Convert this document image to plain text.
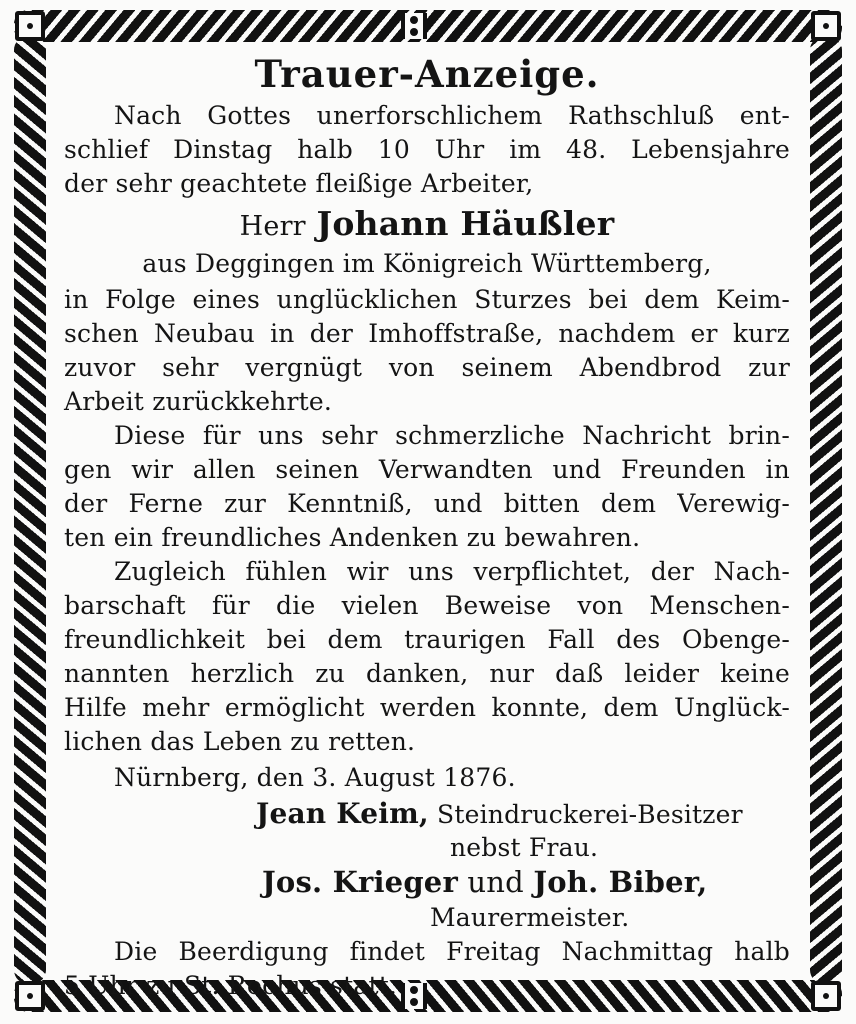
Trauer-Anzeige.
Nach Gottes unerforschlichem Rathschluß ent-
schlief Dinstag halb 10 Uhr im 48. Lebensjahre
der sehr geachtete fleißige Arbeiter,
Herr Johann Häußler
aus Deggingen im Königreich Württemberg,
in Folge eines unglücklichen Sturzes bei dem Keim-
schen Neubau in der Imhoffstraße, nachdem er kurz
zuvor sehr vergnügt von seinem Abendbrod zur
Arbeit zurückkehrte.
Diese für uns sehr schmerzliche Nachricht brin-
gen wir allen seinen Verwandten und Freunden in
der Ferne zur Kenntniß, und bitten dem Verewig-
ten ein freundliches Andenken zu bewahren.
Zugleich fühlen wir uns verpflichtet, der Nach-
barschaft für die vielen Beweise von Menschen-
freundlichkeit bei dem traurigen Fall des Obenge-
nannten herzlich zu danken, nur daß leider keine
Hilfe mehr ermöglicht werden konnte, dem Unglück-
lichen das Leben zu retten.
Nürnberg, den 3. August 1876.
Jean Keim, Steindruckerei-Besitzer
nebst Frau.
Jos. Krieger und Joh. Biber,
Maurermeister.
Die Beerdigung findet Freitag Nachmittag halb
5 Uhr zu St. Rochus statt.
